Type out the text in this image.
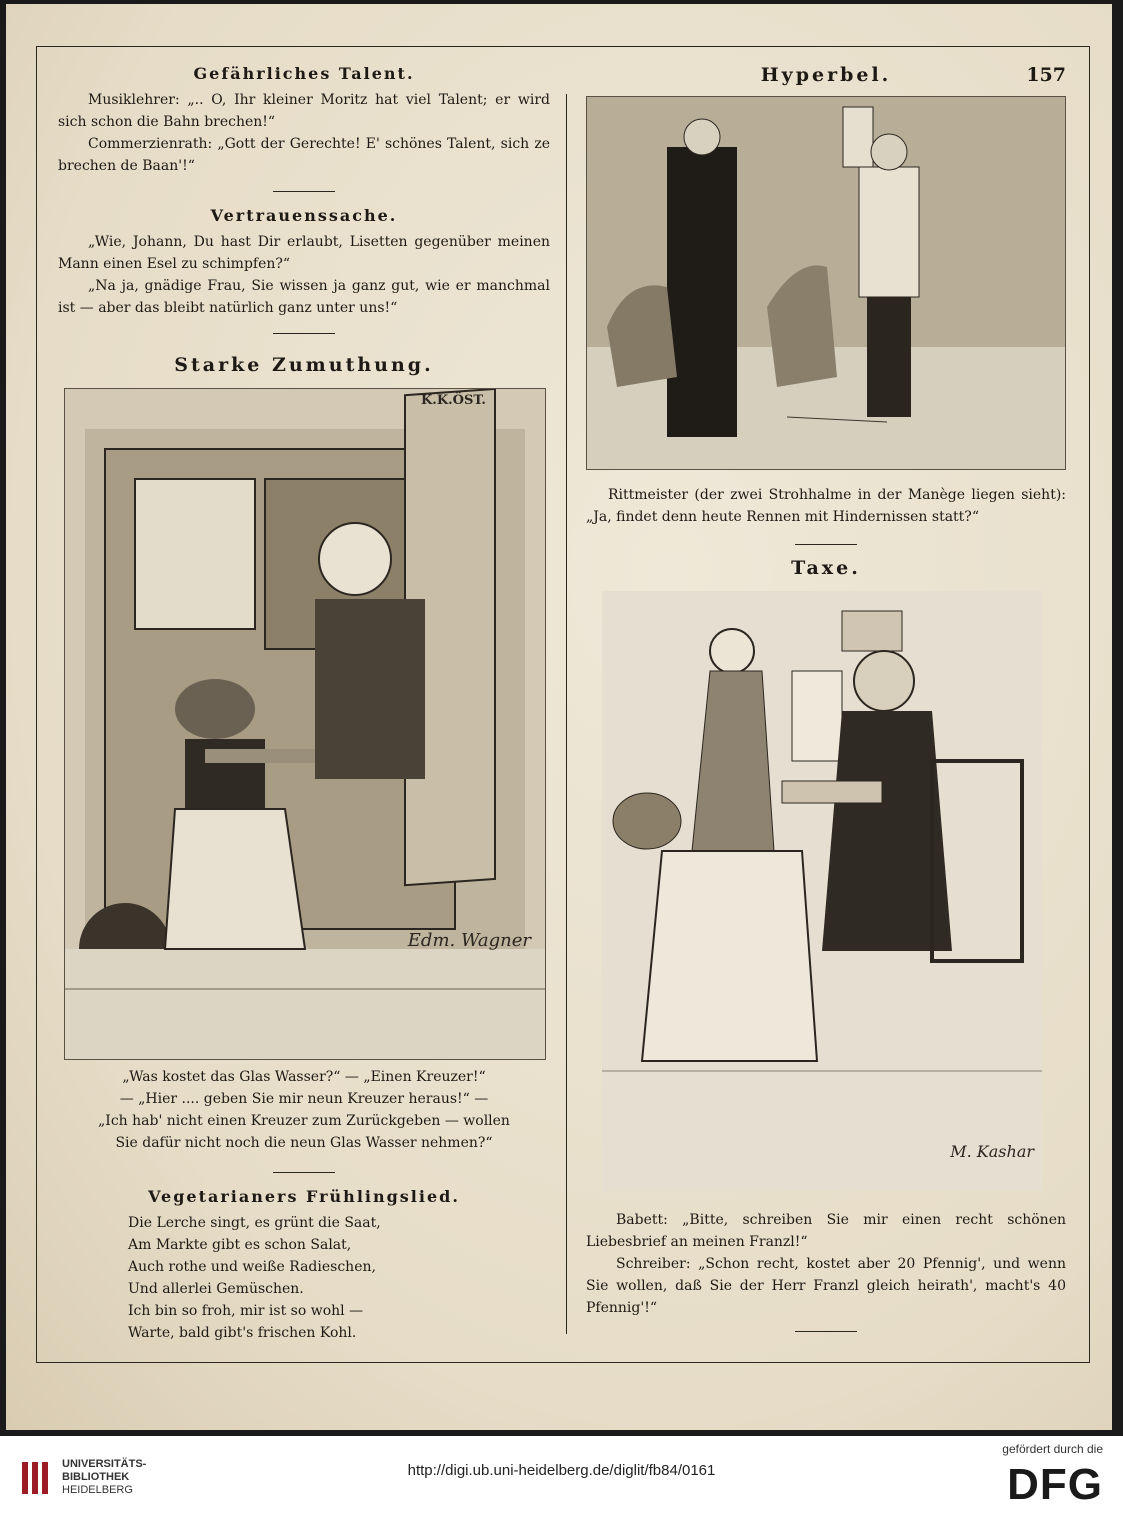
Gefährliches Talent.

Musiklehrer: „.. O, Ihr kleiner Moritz hat viel Talent; er wird sich schon die Bahn brechen!“

Commerzienrath: „Gott der Gerechte! E' schönes Talent, sich ze brechen de Baan'!“

Vertrauenssache.

„Wie, Johann, Du hast Dir erlaubt, Lisetten gegenüber meinen Mann einen Esel zu schimpfen?“

„Na ja, gnädige Frau, Sie wissen ja ganz gut, wie er manchmal ist — aber das bleibt natürlich ganz unter uns!“

Starke Zumuthung.
Edm. Wagner
K.K.ÖST.
„Was kostet das Glas Wasser?“ — „Einen Kreuzer!“
— „Hier .... geben Sie mir neun Kreuzer heraus!“ —
„Ich hab' nicht einen Kreuzer zum Zurückgeben — wollen
Sie dafür nicht noch die neun Glas Wasser nehmen?“
Vegetarianers Frühlingslied.
Die Lerche singt, es grünt die Saat,
Am Markte gibt es schon Salat,
Auch rothe und weiße Radieschen,
Und allerlei Gemüschen.
Ich bin so froh, mir ist so wohl —
Warte, bald gibt's frischen Kohl.
157
Hyperbel.

Rittmeister (der zwei Strohhalme in der Manège liegen sieht): „Ja, findet denn heute Rennen mit Hindernissen statt?“

Taxe.
M. Kashar

Babett: „Bitte, schreiben Sie mir einen recht schönen Liebesbrief an meinen Franzl!“

Schreiber: „Schon recht, kostet aber 20 Pfennig', und wenn Sie wollen, daß Sie der Herr Franzl gleich heirath', macht's 40 Pfennig'!“

UNIVERSITÄTS-
BIBLIOTHEK
HEIDELBERG
http://digi.ub.uni-heidelberg.de/diglit/fb84/0161
gefördert durch die
DFG
